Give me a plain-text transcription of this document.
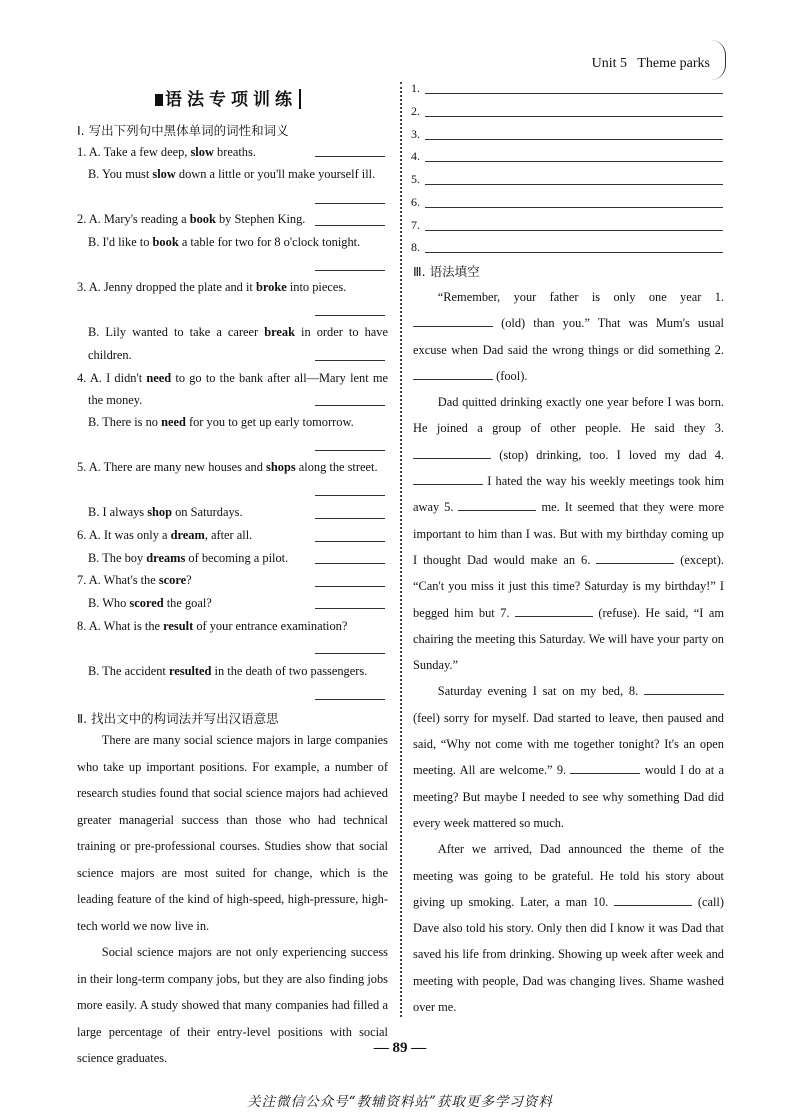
Unit 5 Theme parks
语法专项训练
Ⅰ. 写出下列句中黑体单词的词性和词义
1. A. Take a few deep, slow breaths.
B. You must slow down a little or you'll make yourself ill.
2. A. Mary's reading a book by Stephen King.
B. I'd like to book a table for two for 8 o'clock tonight.
3. A. Jenny dropped the plate and it broke into pieces.
B. Lily wanted to take a career break in order to have
children.
4. A. I didn't need to go to the bank after all—Mary lent me
the money.
B. There is no need for you to get up early tomorrow.
5. A. There are many new houses and shops along the street.
B. I always shop on Saturdays.
6. A. It was only a dream, after all.
B. The boy dreams of becoming a pilot.
7. A. What's the score?
B. Who scored the goal?
8. A. What is the result of your entrance examination?
B. The accident resulted in the death of two passengers.
Ⅱ. 找出文中的构词法并写出汉语意思

There are many social science majors in large companies who take up important positions. For example, a number of research studies found that social science majors had achieved greater managerial success than those who had technical training or pre-professional courses. Studies show that social science majors are most suited for change, which is the leading feature of the kind of high-speed, high-pressure, high-tech world we now live in.

Social science majors are not only experiencing success in their long-term company jobs, but they are also finding jobs more easily. A study showed that many companies had filled a large percentage of their entry-level positions with social science graduates.

1.
2.
3.
4.
5.
6.
7.
8.
Ⅲ. 语法填空

“Remember, your father is only one year 1.  (old) than you.” That was Mum's usual excuse when Dad said the wrong things or did something 2.  (fool).

Dad quitted drinking exactly one year before I was born. He joined a group of other people. He said they 3.  (stop) drinking, too. I loved my dad 4.  I hated the way his weekly meetings took him away 5.	me. It seemed that they were more important to him than I was. But with my birthday coming up I thought Dad would make an 6.	(except). “Can't you miss it just this time? Saturday is my birthday!” I begged him but 7.	(refuse). He said, “I am chairing the meeting this Saturday. We will have your party on Sunday.”

Saturday evening I sat on my bed, 8.  (feel) sorry for myself. Dad started to leave, then paused and said, “Why not come with me together tonight? It's an open meeting. All are welcome.” 9.	would I do at a meeting? But maybe I needed to see why something Dad did every week mattered so much.

After we arrived, Dad announced the theme of the meeting was going to be grateful. He told his story about giving up smoking. Later, a man 10.	(call) Dave also told his story. Only then did I know it was Dad that saved his life from drinking. Showing up week after week and meeting with people, Dad was changing lives. Shame washed over me.

— 89 —
关注微信公众号“教辅资料站”获取更多学习资料
